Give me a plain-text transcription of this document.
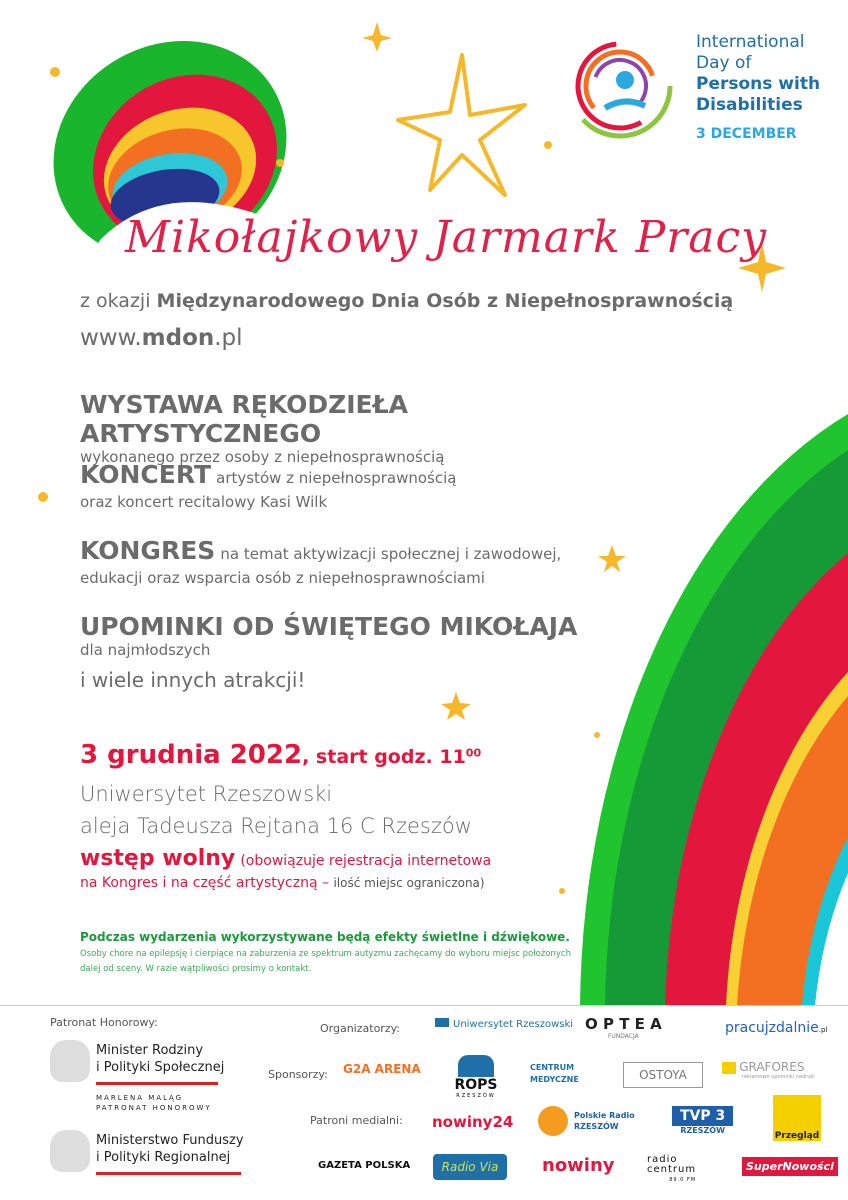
International
Day of
Persons with
Disabilities
3 DECEMBER
Mikołajkowy Jarmark Pracy
z okazji Międzynarodowego Dnia Osób z Niepełnosprawnością
www.mdon.pl
WYSTAWA RĘKODZIEŁA ARTYSTYCZNEGO
wykonanego przez osoby z niepełnosprawnością
KONCERT artystów z niepełnosprawnością
oraz koncert recitalowy Kasi Wilk
KONGRES na temat aktywizacji społecznej i zawodowej,
edukacji oraz wsparcia osób z niepełnosprawnościami
UPOMINKI OD ŚWIĘTEGO MIKOŁAJA
dla najmłodszych
i wiele innych atrakcji!
3 grudnia 2022, start godz. $11^{00}$
Uniwersytet Rzeszowski
aleja Tadeusza Rejtana 16 C Rzeszów
wstęp wolny (obowiązuje rejestracja internetowa
na Kongres i na część artystyczną – ilość miejsc ograniczona)
Podczas wydarzenia wykorzystywane będą efekty świetlne i dźwiękowe.
Osoby chore na epilepsję i cierpiące na zaburzenia ze spektrum autyzmu zachęcamy do wyboru miejsc położonych
dalej od sceny. W razie wątpliwości prosimy o kontakt.
Patronat Honorowy:
Minister Rodziny
i Polityki Społecznej
MARLENA MALĄG
PATRONAT HONOROWY
Ministerstwo Funduszy
i Polityki Regionalnej
Organizatorzy:
Sponsorzy:
Patroni medialni:
Uniwersytet Rzeszowski O P T E A
FUNDACJA
pracujzdalnie.pl
G2A ARENA
ROPS
RZESZÓW
CENTRUM
MEDYCZNE	OSTOYA
GRAFORES
reklamowe upominki nadruki
nowiny24	Polskie Radio
RZESZÓW
TVP 3
RZESZÓW
Przegląd
GAZETA POLSKA	Radio Via	nowiny	radio
centrum
89.0 FM
SuperNowości
